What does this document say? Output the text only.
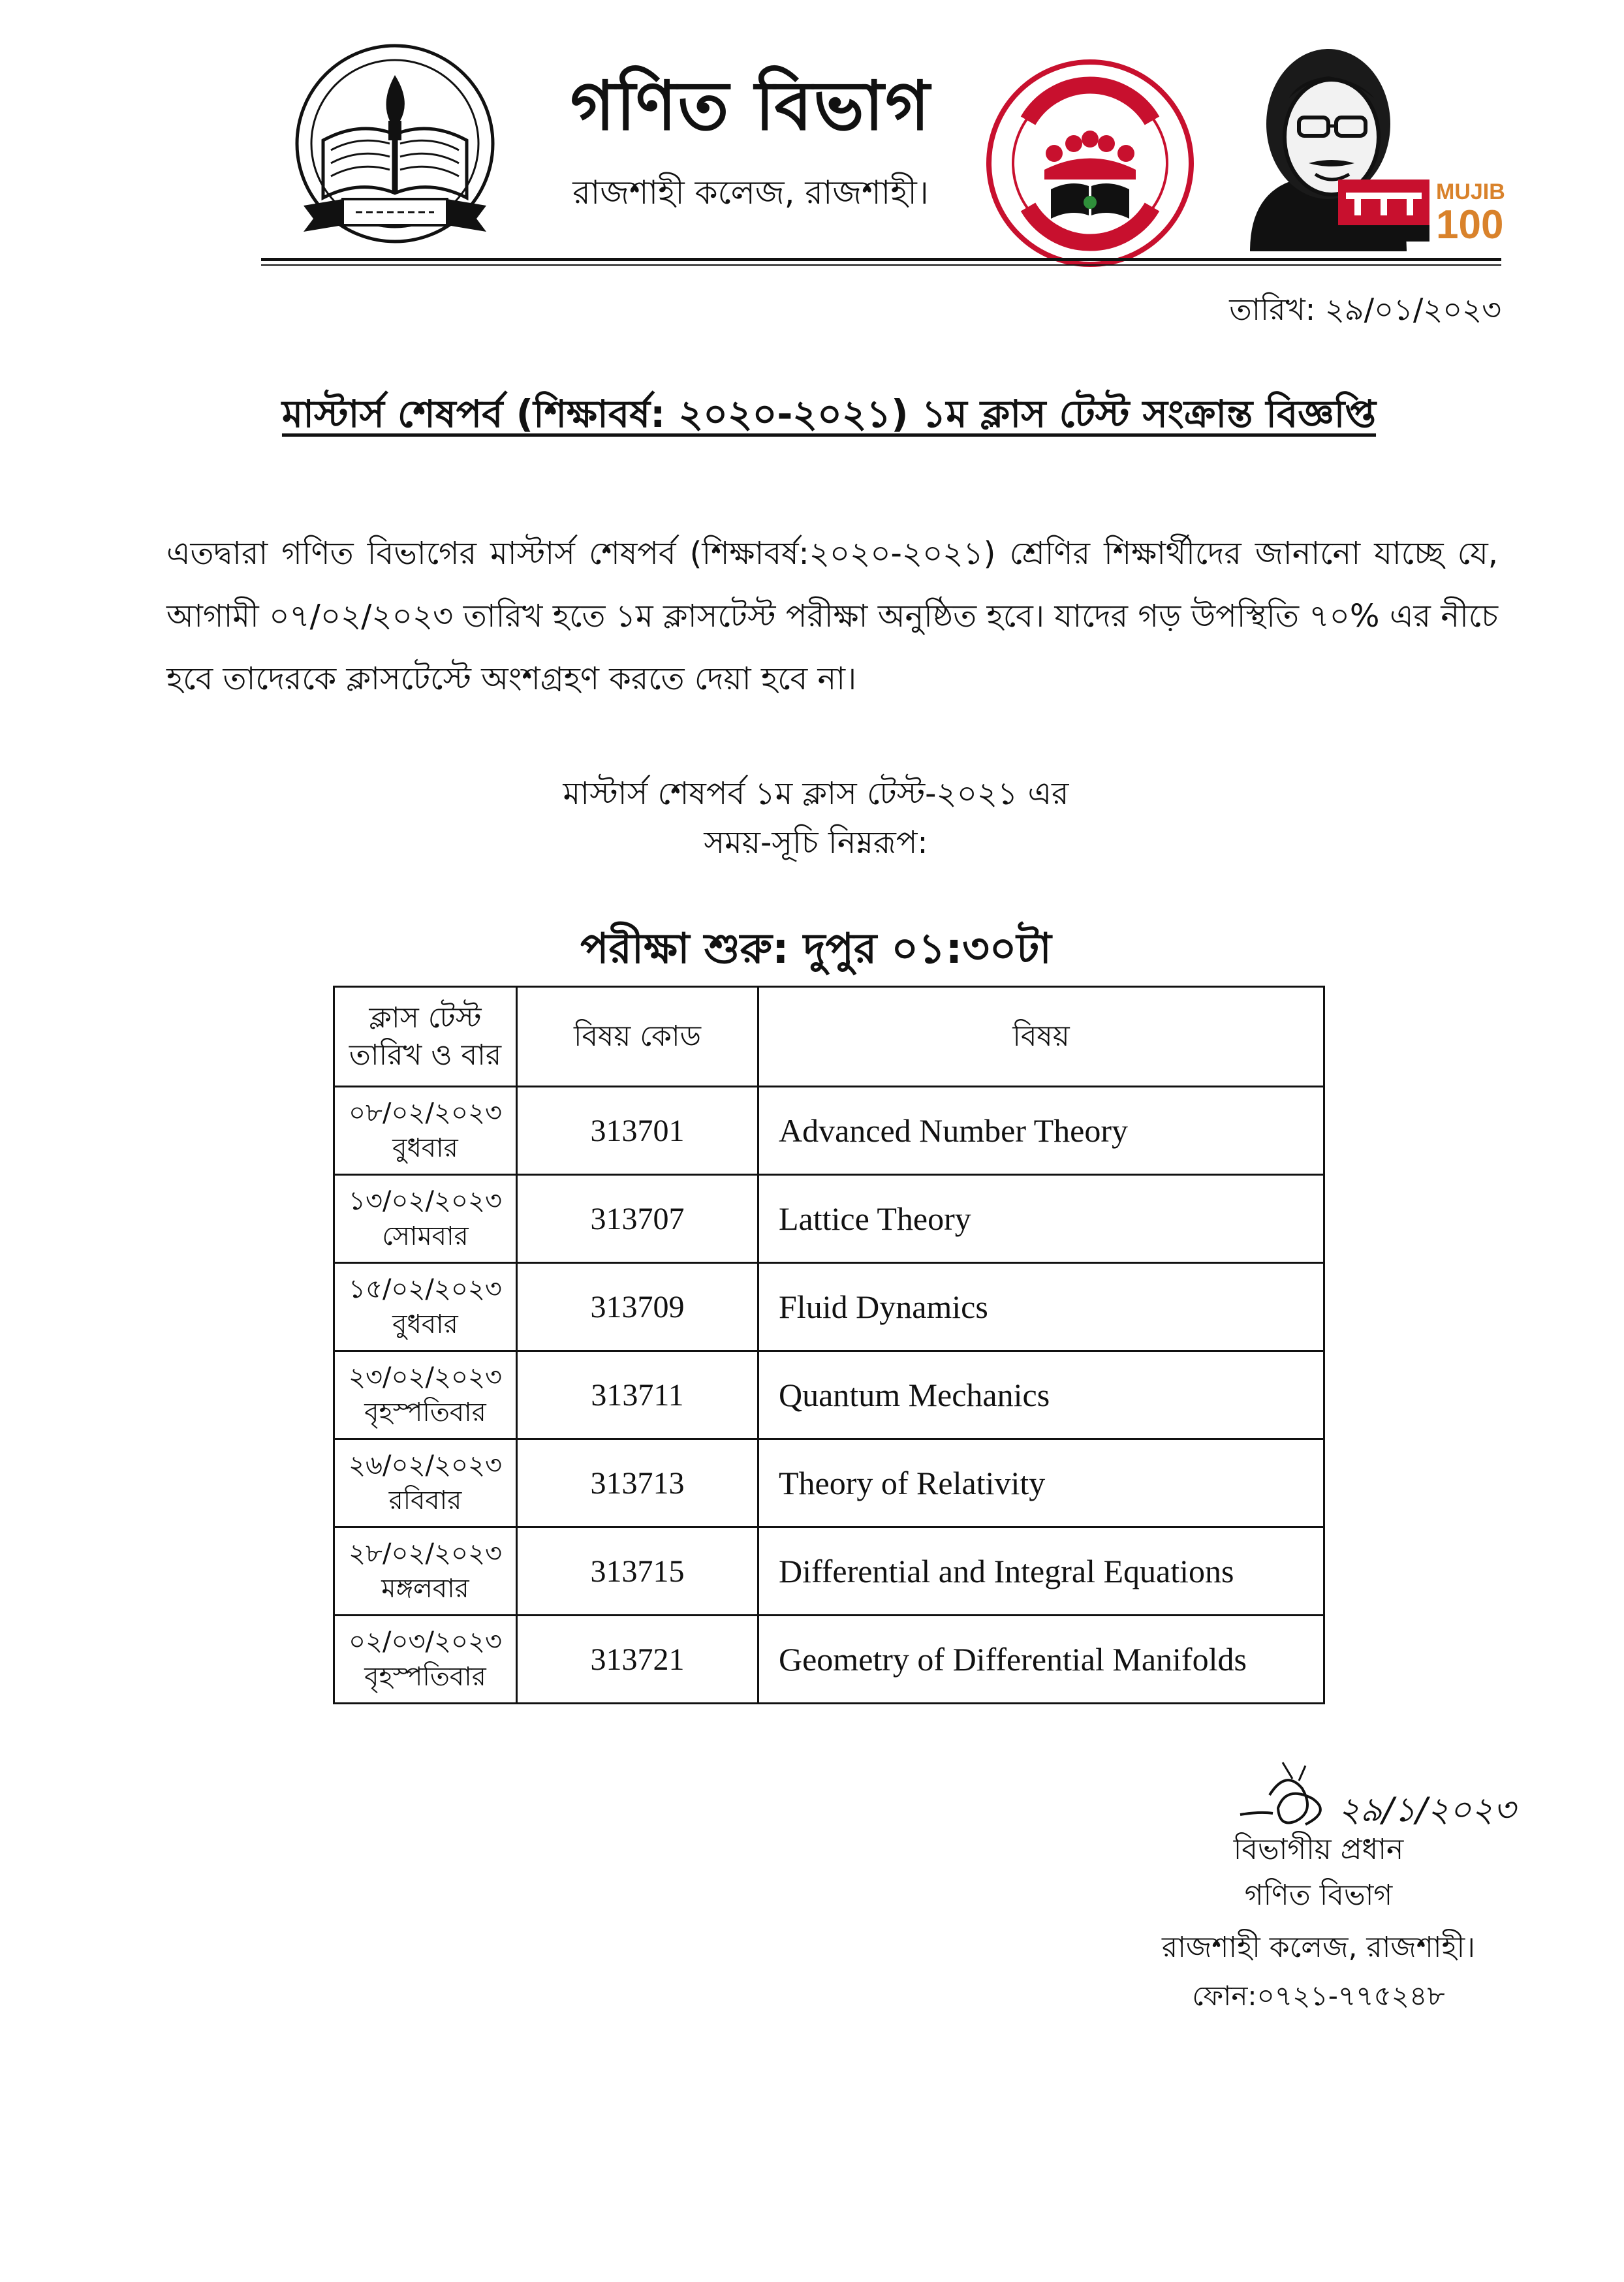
গণিত বিভাগ
রাজশাহী কলেজ, রাজশাহী।	MUJIB
100
তারিখ: ২৯/০১/২০২৩
মাস্টার্স শেষপর্ব (শিক্ষাবর্ষ: ২০২০-২০২১) ১ম ক্লাস টেস্ট সংক্রান্ত বিজ্ঞপ্তি
এতদ্বারা গণিত বিভাগের মাস্টার্স শেষপর্ব (শিক্ষাবর্ষ:২০২০-২০২১) শ্রেণির শিক্ষার্থীদের জানানো যাচ্ছে যে, আগামী ০৭/০২/২০২৩ তারিখ হতে ১ম ক্লাসটেস্ট পরীক্ষা অনুষ্ঠিত হবে। যাদের গড় উপস্থিতি ৭০% এর নীচে হবে তাদেরকে ক্লাসটেস্টে অংশগ্রহণ করতে দেয়া হবে না।
মাস্টার্স শেষপর্ব ১ম ক্লাস টেস্ট-২০২১ এর
সময়-সূচি নিম্নরূপ:
পরীক্ষা শুরু: দুপুর ০১:৩০টা
ক্লাস টেস্ট
তারিখ ও বার	বিষয় কোড	বিষয়

০৮/০২/২০২৩
বুধবার	313701	Advanced Number Theory

১৩/০২/২০২৩
সোমবার	313707	Lattice Theory

১৫/০২/২০২৩
বুধবার	313709	Fluid Dynamics

২৩/০২/২০২৩
বৃহস্পতিবার	313711	Quantum Mechanics

২৬/০২/২০২৩
রবিবার	313713	Theory of Relativity

২৮/০২/২০২৩
মঙ্গলবার	313715	Differential and Integral Equations

০২/০৩/২০২৩
বৃহস্পতিবার	313721	Geometry of Differential Manifolds
২৯/১/২০২৩
বিভাগীয় প্রধান
গণিত বিভাগ
রাজশাহী কলেজ, রাজশাহী।
ফোন:০৭২১-৭৭৫২৪৮
